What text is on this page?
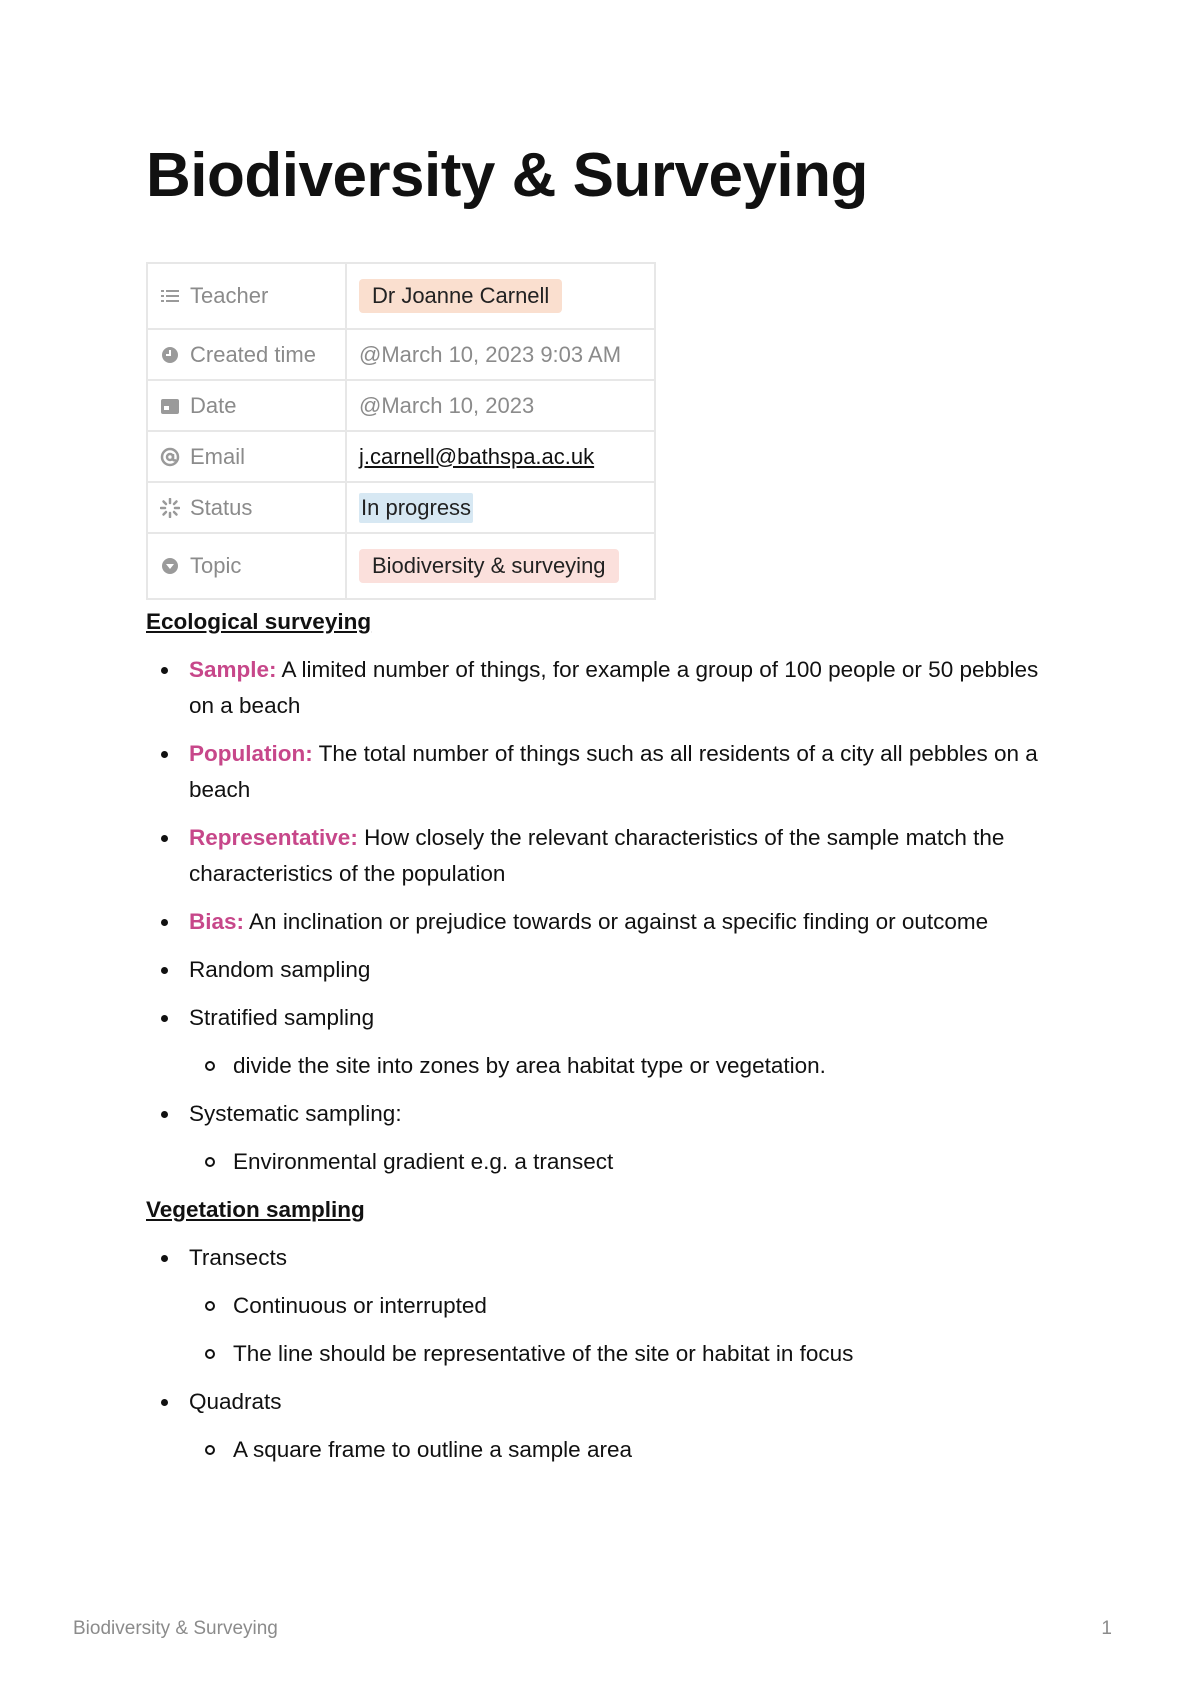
Biodiversity & Surveying
Teacher	Dr Joanne Carnell

Created time	@March 10, 2023 9:03 AM

Date	@March 10, 2023

Email	j.carnell@bathspa.ac.uk

Status	In progress

Topic	Biodiversity & surveying
Ecological surveying
Sample: A limited number of things, for example a group of 100 people or 50 pebbles on a beach
Population: The total number of things such as all residents of a city all pebbles on a beach
Representative: How closely the relevant characteristics of the sample match the characteristics of the population
Bias: An inclination or prejudice towards or against a specific finding or outcome
Random sampling
Stratified sampling
divide the site into zones by area habitat type or vegetation.
Systematic sampling:
Environmental gradient e.g. a transect
Vegetation sampling
Transects
Continuous or interrupted
The line should be representative of the site or habitat in focus
Quadrats
A square frame to outline a sample area
Biodiversity & Surveying	1
